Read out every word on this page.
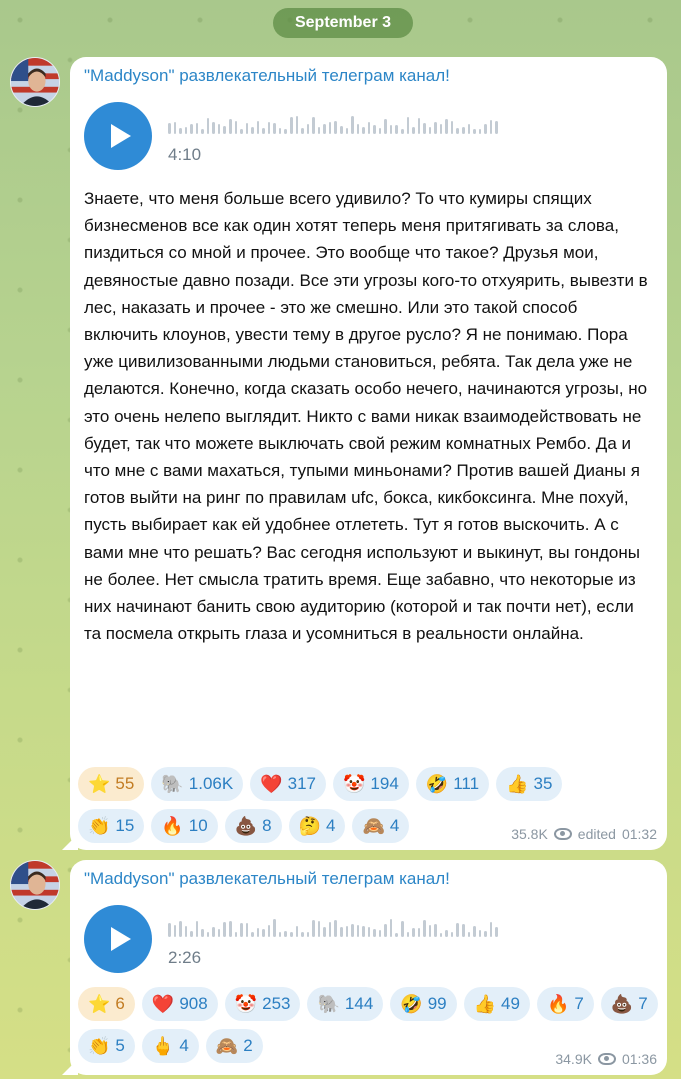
September 3
"Maddyson" развлекательный телеграм канал!
4:10
Знаете, что меня больше всего удивило? То что кумиры спящих бизнесменов все как один хотят теперь меня притягивать за слова, пиздиться со мной и прочее. Это вообще что такое? Друзья мои, девяностые давно позади. Все эти угрозы кого-то отхуярить, вывезти в лес, наказать и прочее - это же смешно. Или это такой способ включить клоунов, увести тему в другое русло? Я не понимаю. Пора уже цивилизованными людьми становиться, ребята. Так дела уже не делаются. Конечно, когда сказать особо нечего, начинаются угрозы, но это очень нелепо выглядит. Никто с вами никак взаимодействовать не будет, так что можете выключать свой режим комнатных Рембо. Да и что мне с вами махаться, тупыми миньонами? Против вашей Дианы я готов выйти на ринг по правилам ufc, бокса, кикбоксинга. Мне похуй, пусть выбирает как ей удобнее отлететь. Тут я готов выскочить. А с вами мне что решать? Вас сегодня используют и выкинут, вы гондоны не более. Нет смысла тратить время. Еще забавно, что некоторые из них начинают банить свою аудиторию (которой и так почти нет), если та посмела открыть глаза и усомниться в реальности онлайна.
⭐ 55 🐘 1.06K ❤️ 317 🤡 194 🤣 111 👍 35
👏 15 🔥 10 💩 8 🤔 4 🙈 4	35.8K edited 01:32
"Maddyson" развлекательный телеграм канал!
2:26
⭐ 6 ❤️ 908 🤡 253 🐘 144 🤣 99 👍 49 🔥 7 💩 7
👏 5 🖕 4 🙈 2
34.9K 01:36
